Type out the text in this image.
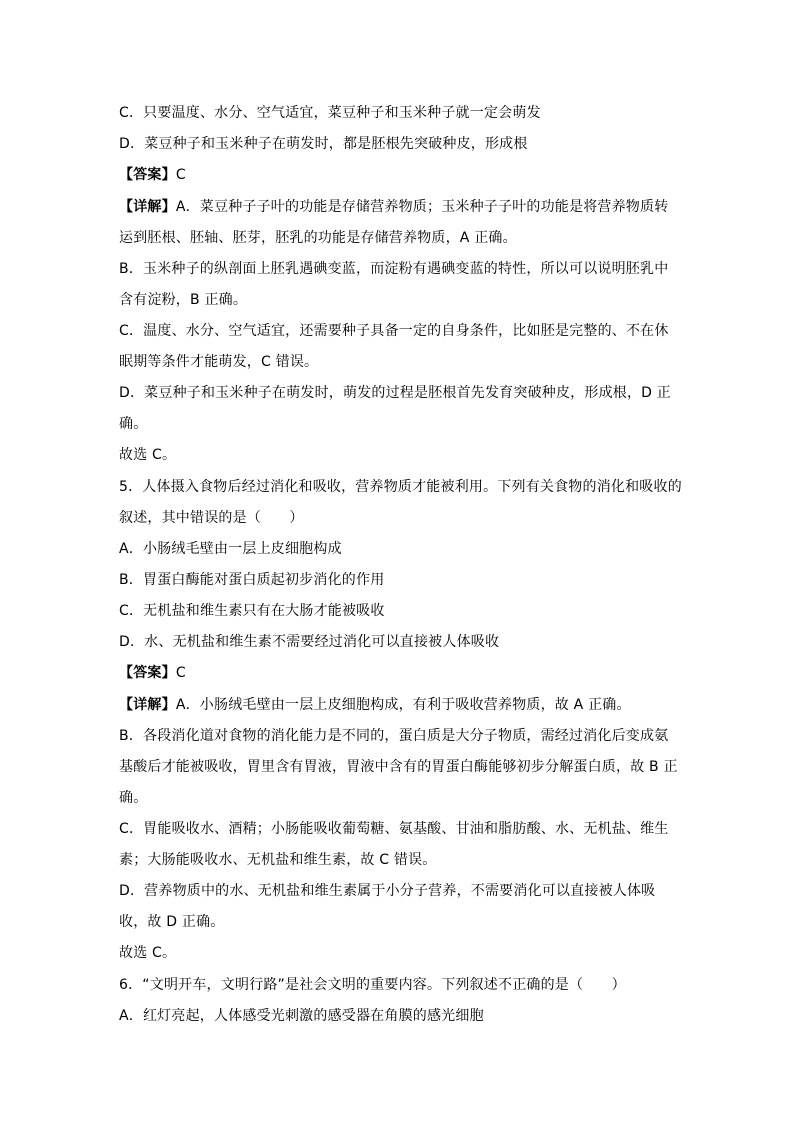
C．只要温度、水分、空气适宜，菜豆种子和玉米种子就一定会萌发
D．菜豆种子和玉米种子在萌发时，都是胚根先突破种皮，形成根
【答案】C
【详解】A．菜豆种子子叶的功能是存储营养物质；玉米种子子叶的功能是将营养物质转
运到胚根、胚轴、胚芽，胚乳的功能是存储营养物质，A 正确。
B．玉米种子的纵剖面上胚乳遇碘变蓝，而淀粉有遇碘变蓝的特性，所以可以说明胚乳中
含有淀粉，B 正确。
C．温度、水分、空气适宜，还需要种子具备一定的自身条件，比如胚是完整的、不在休
眠期等条件才能萌发，C 错误。
D．菜豆种子和玉米种子在萌发时，萌发的过程是胚根首先发育突破种皮，形成根，D 正
确。
故选 C。
5．人体摄入食物后经过消化和吸收，营养物质才能被利用。下列有关食物的消化和吸收的
叙述，其中错误的是（　　）
A．小肠绒毛壁由一层上皮细胞构成
B．胃蛋白酶能对蛋白质起初步消化的作用
C．无机盐和维生素只有在大肠才能被吸收
D．水、无机盐和维生素不需要经过消化可以直接被人体吸收
【答案】C
【详解】A．小肠绒毛壁由一层上皮细胞构成，有利于吸收营养物质，故 A 正确。
B．各段消化道对食物的消化能力是不同的，蛋白质是大分子物质，需经过消化后变成氨
基酸后才能被吸收，胃里含有胃液，胃液中含有的胃蛋白酶能够初步分解蛋白质，故 B 正
确。
C．胃能吸收水、酒精；小肠能吸收葡萄糖、氨基酸、甘油和脂肪酸、水、无机盐、维生
素；大肠能吸收水、无机盐和维生素，故 C 错误。
D．营养物质中的水、无机盐和维生素属于小分子营养，不需要消化可以直接被人体吸
收，故 D 正确。
故选 C。
6．“文明开车，文明行路”是社会文明的重要内容。下列叙述不正确的是（　　）
A．红灯亮起，人体感受光刺激的感受器在角膜的感光细胞
